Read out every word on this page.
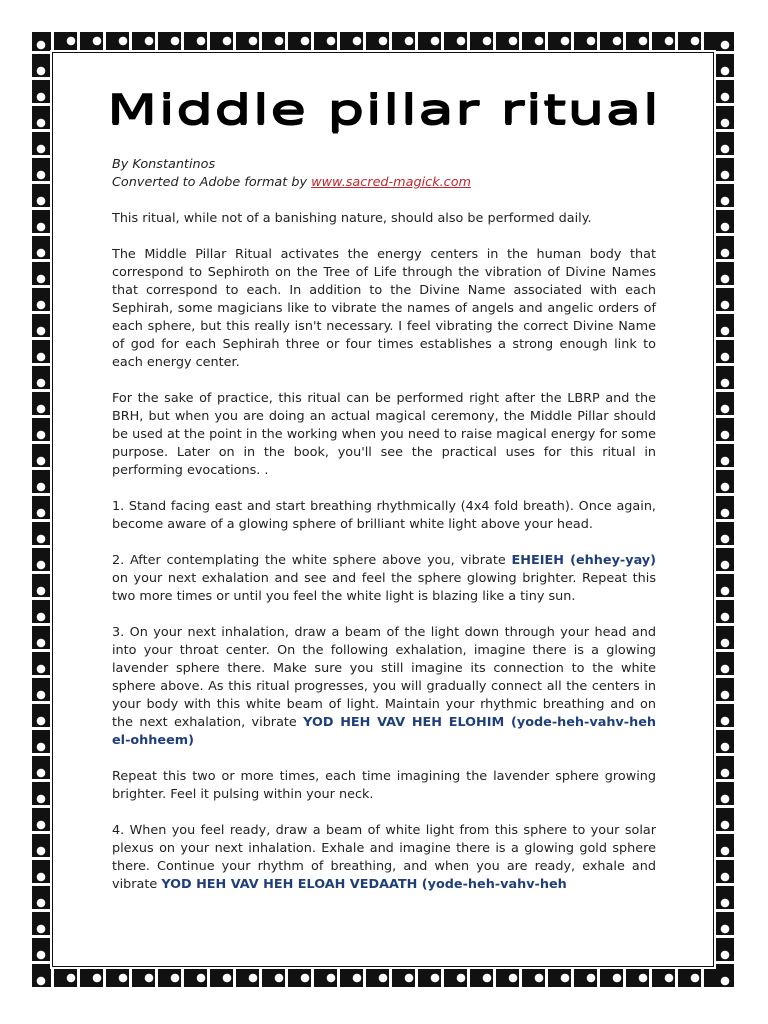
Middle pillar ritual

By Konstantinos

Converted to Adobe format by www.sacred-magick.com

This ritual, while not of a banishing nature, should also be performed daily.

The Middle Pillar Ritual activates the energy centers in the human body that correspond to Sephiroth on the Tree of Life through the vibration of Divine Names that correspond to each. In addition to the Divine Name associated with each Sephirah, some magicians like to vibrate the names of angels and angelic orders of each sphere, but this really isn't necessary. I feel vibrating the correct Divine Name of god for each Sephirah three or four times establishes a strong enough link to each energy center.

For the sake of practice, this ritual can be performed right after the LBRP and the BRH, but when you are doing an actual magical ceremony, the Middle Pillar should be used at the point in the working when you need to raise magical energy for some purpose. Later on in the book, you'll see the practical uses for this ritual in performing evocations. .

1. Stand facing east and start breathing rhythmically (4x4 fold breath). Once again, become aware of a glowing sphere of brilliant white light above your head.

2. After contemplating the white sphere above you, vibrate EHEIEH (ehhey-yay) on your next exhalation and see and feel the sphere glowing brighter. Repeat this two more times or until you feel the white light is blazing like a tiny sun.

3. On your next inhalation, draw a beam of the light down through your head and into your throat center. On the following exhalation, imagine there is a glowing lavender sphere there. Make sure you still imagine its connection to the white sphere above. As this ritual progresses, you will gradually connect all the centers in your body with this white beam of light. Maintain your rhythmic breathing and on the next exhalation, vibrate YOD HEH VAV HEH ELOHIM (yode-heh-vahv-heh el-ohheem)

Repeat this two or more times, each time imagining the lavender sphere growing brighter. Feel it pulsing within your neck.

4. When you feel ready, draw a beam of white light from this sphere to your solar plexus on your next inhalation. Exhale and imagine there is a glowing gold sphere there. Continue your rhythm of breathing, and when you are ready, exhale and vibrate YOD HEH VAV HEH ELOAH VEDAATH (yode-heh-vahv-heh
